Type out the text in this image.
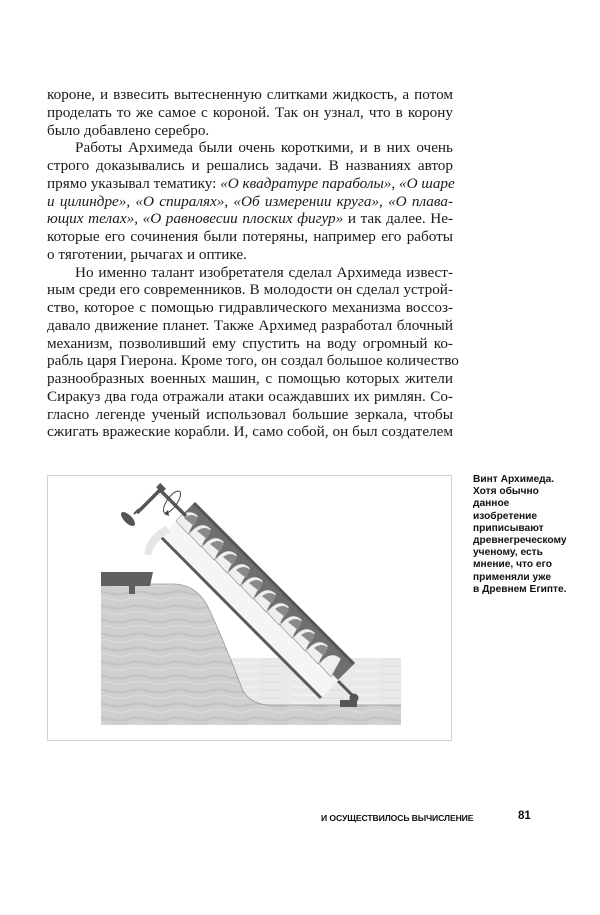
короне, и взвесить вытесненную слитками жидкость, а потом
проделать то же самое с короной. Так он узнал, что в корону
было добавлено серебро.
Работы Архимеда были очень короткими, и в них очень
строго доказывались и решались задачи. В названиях автор
прямо указывал тематику: «О квадратуре параболы», «О шаре
и цилиндре», «О спиралях», «Об измерении круга», «О плава-
ющих телах», «О равновесии плоских фигур» и так далее. Не-
которые его сочинения были потеряны, например его работы
о тяготении, рычагах и оптике.
Но именно талант изобретателя сделал Архимеда извест-
ным среди его современников. В молодости он сделал устрой-
ство, которое с помощью гидравлического механизма воссоз-
давало движение планет. Также Архимед разработал блочный
механизм, позволивший ему спустить на воду огромный ко-
рабль царя Гиерона. Кроме того, он создал большое количество
разнообразных военных машин, с помощью которых жители
Сиракуз два года отражали атаки осаждавших их римлян. Со-
гласно легенде ученый использовал большие зеркала, чтобы
сжигать вражеские корабли. И, само собой, он был создателем
Винт Архимеда.
Хотя обычно
данное
изобретение
приписывают
древнегреческому
ученому, есть
мнение, что его
применяли уже
в Древнем Египте.
И ОСУЩЕСТВИЛОСЬ ВЫЧИСЛЕНИЕ	81
